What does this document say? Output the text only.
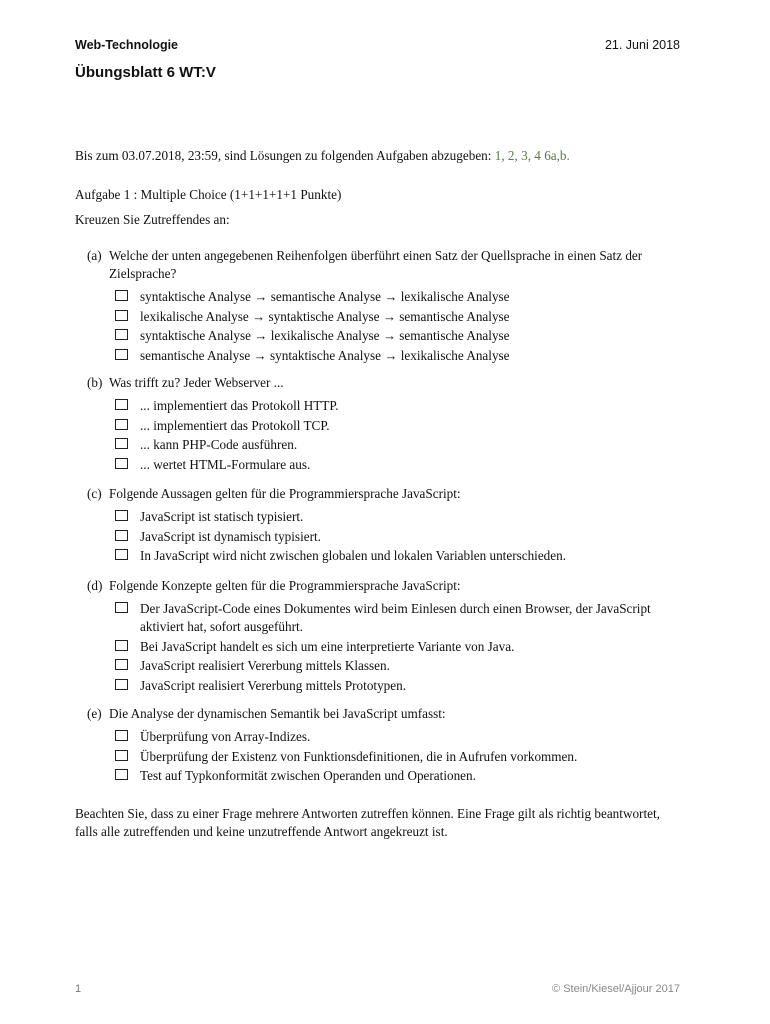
Web-Technologie	21. Juni 2018
Übungsblatt 6 WT:V
Bis zum 03.07.2018, 23:59, sind Lösungen zu folgenden Aufgaben abzugeben: 1, 2, 3, 4 6a,b.
Aufgabe 1 : Multiple Choice (1+1+1+1+1 Punkte)
Kreuzen Sie Zutreffendes an:
(a) Welche der unten angegebenen Reihenfolgen überführt einen Satz der Quellsprache in einen Satz der Zielsprache?
syntaktische Analyse → semantische Analyse → lexikalische Analyse
lexikalische Analyse → syntaktische Analyse → semantische Analyse
syntaktische Analyse → lexikalische Analyse → semantische Analyse
semantische Analyse → syntaktische Analyse → lexikalische Analyse
(b) Was trifft zu? Jeder Webserver ...
... implementiert das Protokoll HTTP.
... implementiert das Protokoll TCP.
... kann PHP-Code ausführen.
... wertet HTML-Formulare aus.
(c) Folgende Aussagen gelten für die Programmiersprache JavaScript:
JavaScript ist statisch typisiert.
JavaScript ist dynamisch typisiert.
In JavaScript wird nicht zwischen globalen und lokalen Variablen unterschieden.
(d) Folgende Konzepte gelten für die Programmiersprache JavaScript:
Der JavaScript-Code eines Dokumentes wird beim Einlesen durch einen Browser, der JavaScript aktiviert hat, sofort ausgeführt.
Bei JavaScript handelt es sich um eine interpretierte Variante von Java.
JavaScript realisiert Vererbung mittels Klassen.
JavaScript realisiert Vererbung mittels Prototypen.
(e) Die Analyse der dynamischen Semantik bei JavaScript umfasst:
Überprüfung von Array-Indizes.
Überprüfung der Existenz von Funktionsdefinitionen, die in Aufrufen vorkommen.
Test auf Typkonformität zwischen Operanden und Operationen.
Beachten Sie, dass zu einer Frage mehrere Antworten zutreffen können. Eine Frage gilt als richtig beantwortet, falls alle zutreffenden und keine unzutreffende Antwort angekreuzt ist.
1	© Stein/Kiesel/Ajjour 2017
